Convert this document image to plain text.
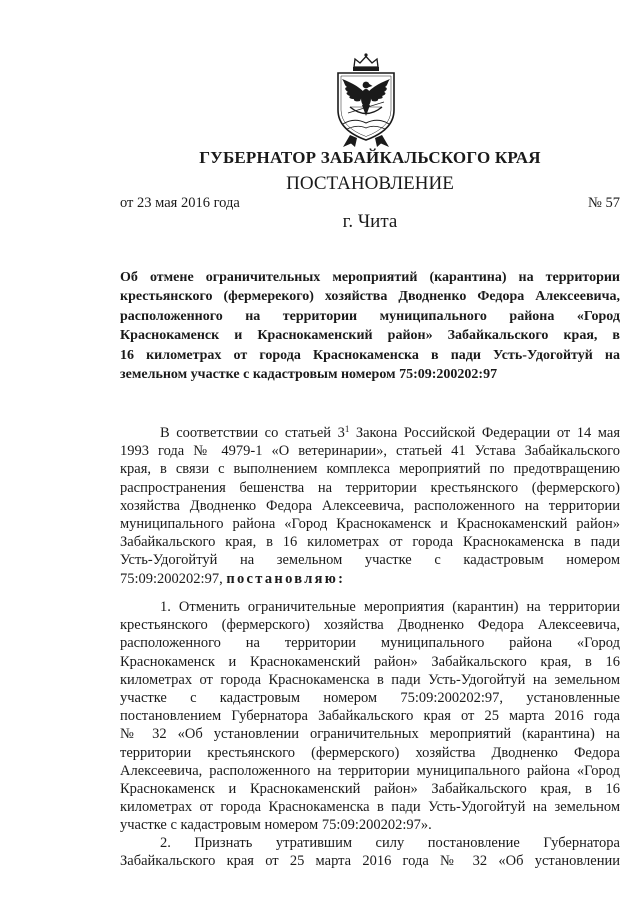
ГУБЕРНАТОР ЗАБАЙКАЛЬСКОГО КРАЯ
ПОСТАНОВЛЕНИЕ
от 23 мая 2016 года	№ 57
г. Чита
Об отмене ограничительных мероприятий (карантина) на территории
крестьянского (фермерекого) хозяйства Дводненко Федора Алексеевича,
расположенного на территории муниципального района «Город
Краснокаменск и Краснокаменский район» Забайкальского края, в
16 километрах от города Краснокаменска в пади Усть-Удогойтуй на
земельном участке с кадастровым номером 75:09:200202:97
В соответствии со статьей $3^1$ Закона Российской Федерации от 14 мая
1993 года № 4979-1 «О ветеринарии», статьей 41 Устава Забайкальского
края, в связи с выполнением комплекса мероприятий по предотвращению
распространения бешенства на территории крестьянского (фермерского)
хозяйства Дводненко Федора Алексеевича, расположенного на территории
муниципального района «Город Краснокаменск и Краснокаменский район»
Забайкальского края, в 16 километрах от города Краснокаменска в пади
Усть-Удогойтуй на земельном участке с кадастровым номером
75:09:200202:97, постановляю:
1. Отменить ограничительные мероприятия (карантин) на территории
крестьянского (фермерского) хозяйства Дводненко Федора Алексеевича,
расположенного на территории муниципального района «Город
Краснокаменск и Краснокаменский район» Забайкальского края, в 16
километрах от города Краснокаменска в пади Усть-Удогойтуй на земельном
участке с кадастровым номером 75:09:200202:97, установленные
постановлением Губернатора Забайкальского края от 25 марта 2016 года
№ 32 «Об установлении ограничительных мероприятий (карантина) на
территории крестьянского (фермерского) хозяйства Дводненко Федора
Алексеевича, расположенного на территории муниципального района «Город
Краснокаменск и Краснокаменский район» Забайкальского края, в 16
километрах от города Краснокаменска в пади Усть-Удогойтуй на земельном
участке с кадастровым номером 75:09:200202:97».
2. Признать утратившим силу постановление Губернатора
Забайкальского края от 25 марта 2016 года № 32 «Об установлении
